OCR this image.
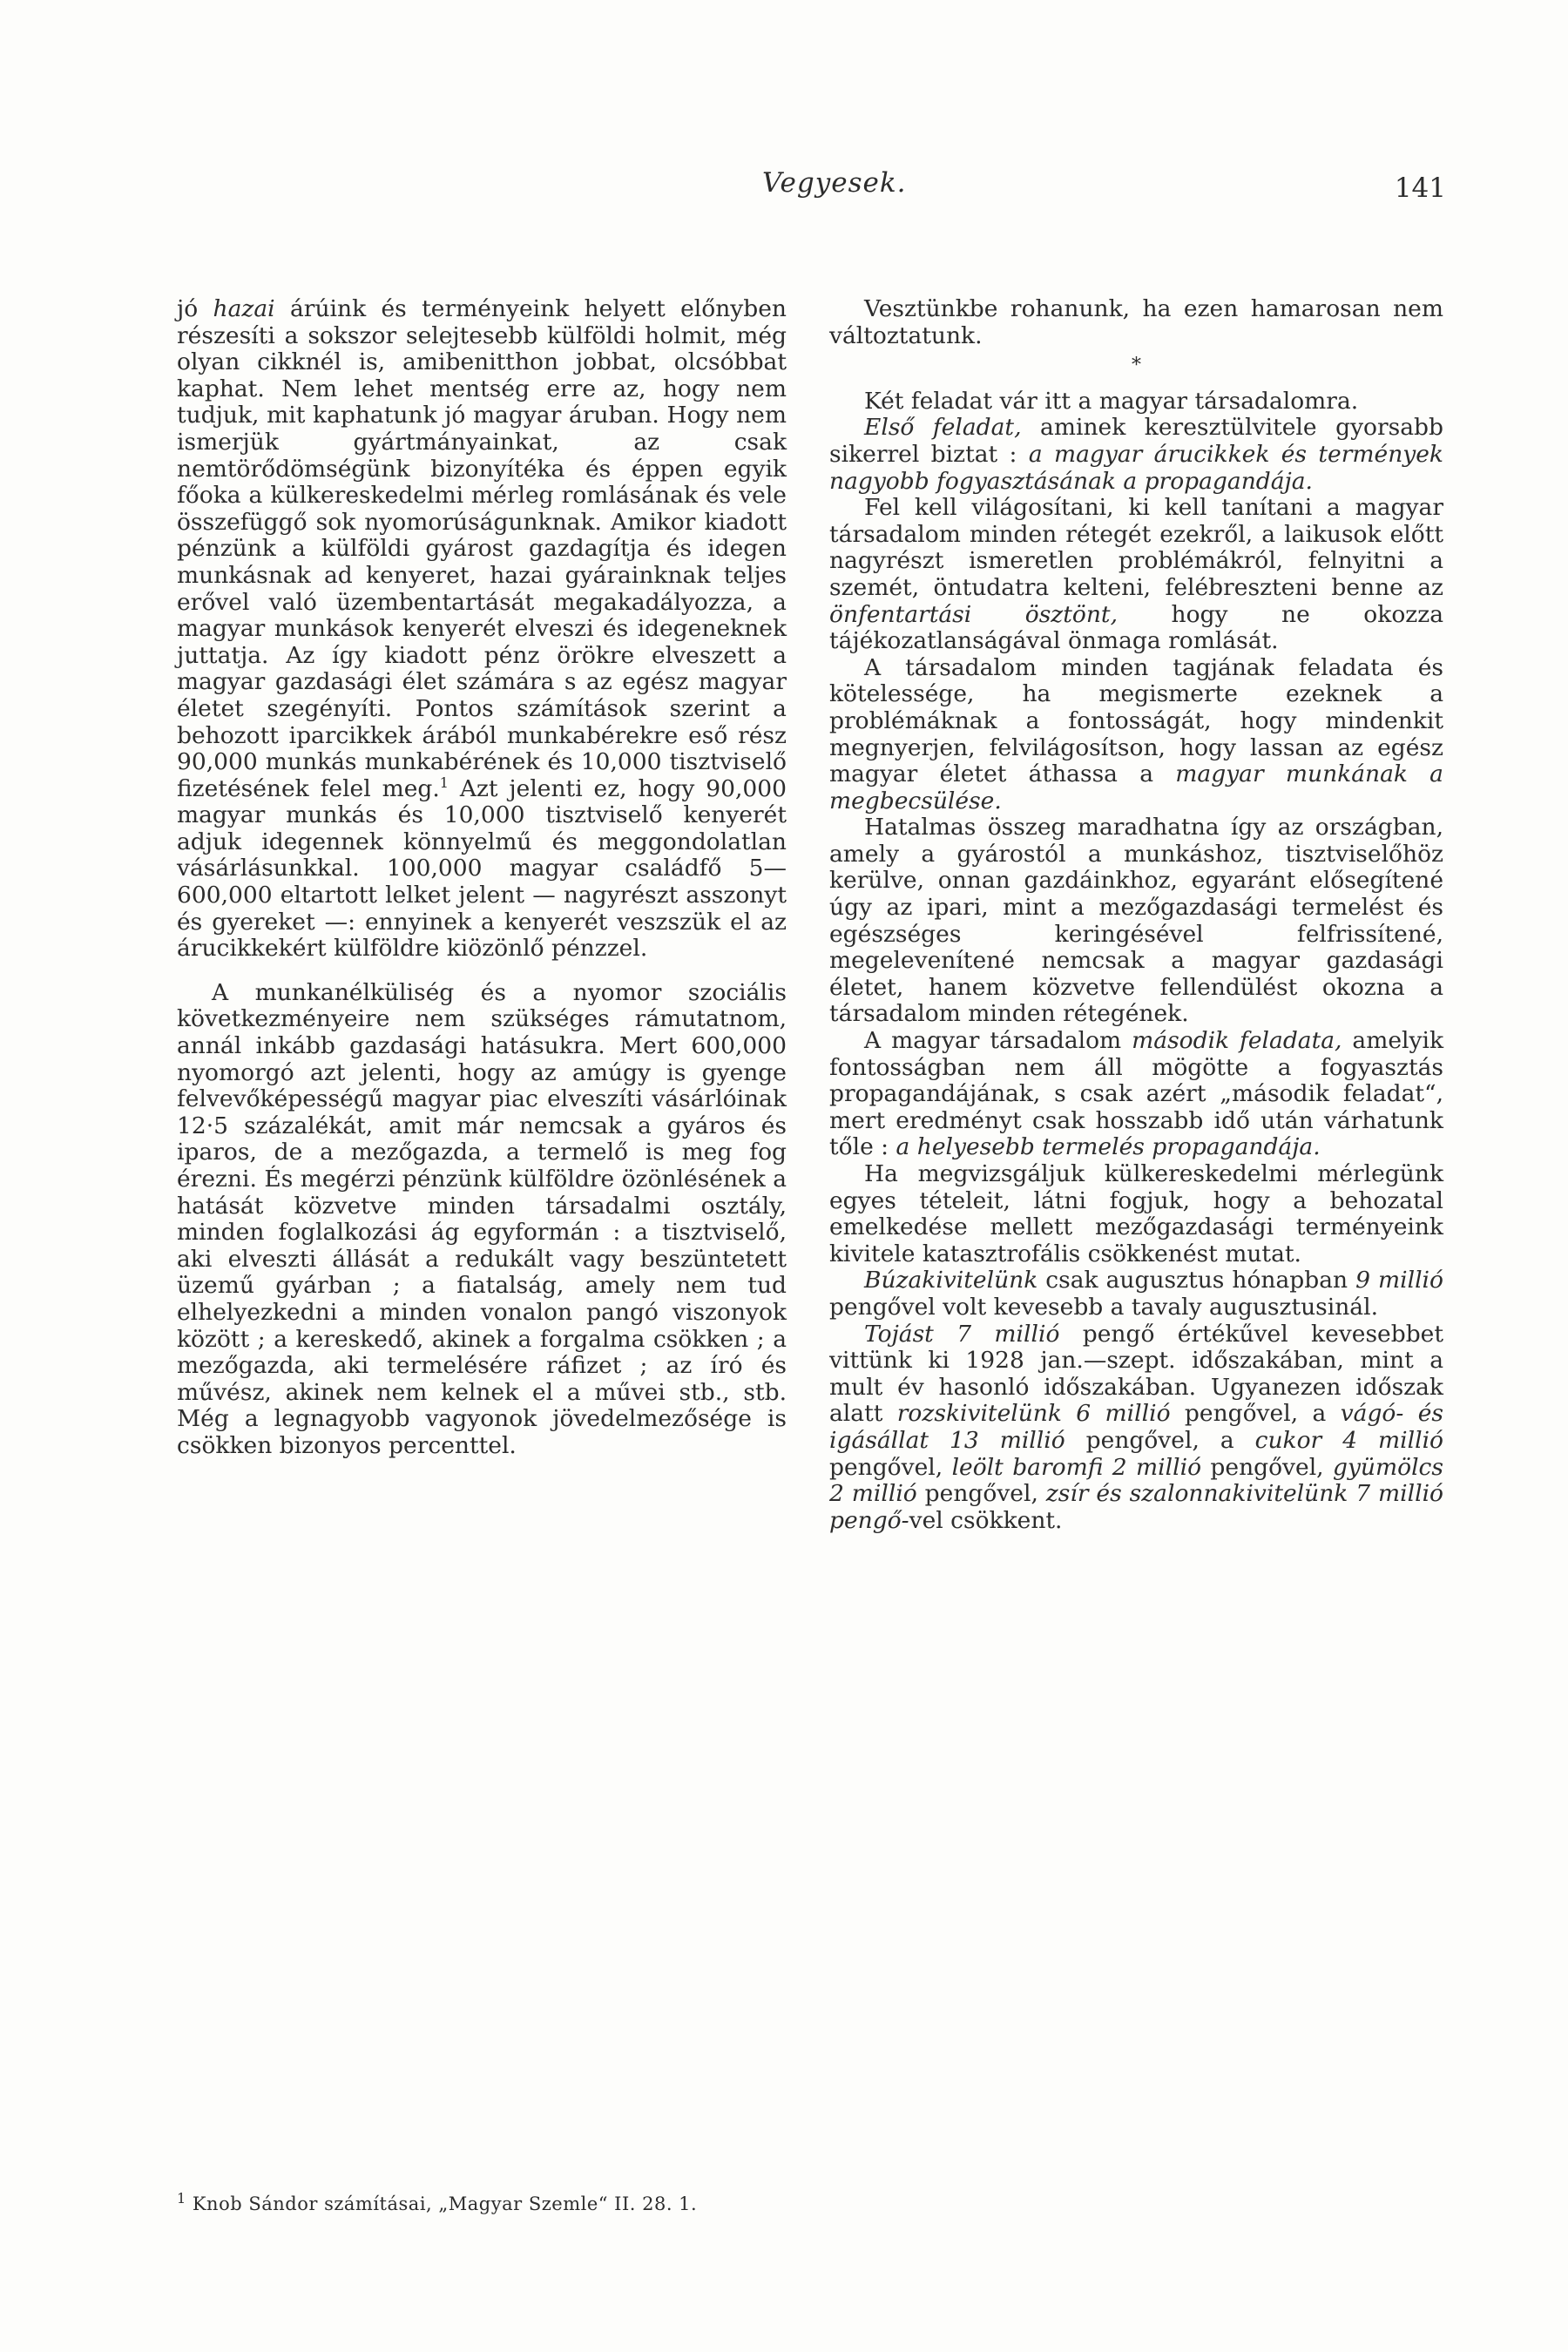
Vegyesek.	141

jó hazai árúink és terményeink helyett előnyben részesíti a sokszor selejtesebb külföldi holmit, még olyan cikknél is, amibenitthon jobbat, olcsóbbat kaphat. Nem lehet mentség erre az, hogy nem tudjuk, mit kaphatunk jó magyar áruban. Hogy nem ismerjük gyártmányainkat, az csak nemtörődömségünk bizonyítéka és éppen egyik főoka a külkereskedelmi mérleg romlásának és vele összefüggő sok nyomorúságunknak. Amikor kiadott pénzünk a külföldi gyárost gazdagítja és idegen munkásnak ad kenyeret, hazai gyárainknak teljes erővel való üzembentartását megakadályozza, a magyar munkások kenyerét elveszi és idegeneknek juttatja. Az így kiadott pénz örökre elveszett a magyar gazdasági élet számára s az egész magyar életet szegényíti. Pontos számítások szerint a behozott iparcikkek árából munkabérekre eső rész 90,000 munkás munkabérének és 10,000 tisztviselő fizetésének felel meg.$^1$ Azt jelenti ez, hogy 90,000 magyar munkás és 10,000 tisztviselő kenyerét adjuk idegennek könnyelmű és meggondolatlan vásárlásunkkal. 100,000 magyar családfő 5—600,000 eltartott lelket jelent — nagyrészt asszonyt és gyereket —: ennyinek a kenyerét veszszük el az árucikkekért külföldre kiözönlő pénzzel.

A munkanélküliség és a nyomor szociális következményeire nem szükséges rámutatnom, annál inkább gazdasági hatásukra. Mert 600,000 nyomorgó azt jelenti, hogy az amúgy is gyenge felvevőképességű magyar piac elveszíti vásárlóinak 12·5 százalékát, amit már nemcsak a gyáros és iparos, de a mezőgazda, a termelő is meg fog érezni. És megérzi pénzünk külföldre özönlésének a hatását közvetve minden társadalmi osztály, minden foglalkozási ág egyformán : a tisztviselő, aki elveszti állását a redukált vagy beszüntetett üzemű gyárban ; a fiatalság, amely nem tud elhelyezkedni a minden vonalon pangó viszonyok között ; a kereskedő, akinek a forgalma csökken ; a mezőgazda, aki termelésére ráfizet ; az író és művész, akinek nem kelnek el a művei stb., stb. Még a legnagyobb vagyonok jövedelmezősége is csökken bizonyos percenttel.

$^1$ Knob Sándor számításai, „Magyar Szemle“ II. 28. 1.

Vesztünkbe rohanunk, ha ezen hamarosan nem változtatunk.

*

Két feladat vár itt a magyar társadalomra.

Első feladat, aminek keresztülvitele gyorsabb sikerrel biztat : a magyar árucikkek és termények nagyobb fogyasztásának a propagandája.

Fel kell világosítani, ki kell tanítani a magyar társadalom minden rétegét ezekről, a laikusok előtt nagyrészt ismeretlen problémákról, felnyitni a szemét, öntudatra kelteni, felébreszteni benne az önfentartási ösztönt, hogy ne okozza tájékozatlanságával önmaga romlását.

A társadalom minden tagjának feladata és kötelessége, ha megismerte ezeknek a problémáknak a fontosságát, hogy mindenkit megnyerjen, felvilágosítson, hogy lassan az egész magyar életet áthassa a magyar munkának a megbecsülése.

Hatalmas összeg maradhatna így az országban, amely a gyárostól a munkáshoz, tisztviselőhöz kerülve, onnan gazdáinkhoz, egyaránt elősegítené úgy az ipari, mint a mezőgazdasági termelést és egészséges keringésével felfrissítené, megelevenítené nemcsak a magyar gazdasági életet, hanem közvetve fellendülést okozna a társadalom minden rétegének.

A magyar társadalom második feladata, amelyik fontosságban nem áll mögötte a fogyasztás propagandájának, s csak azért „második feladat“, mert eredményt csak hosszabb idő után várhatunk tőle : a helyesebb termelés propagandája.

Ha megvizsgáljuk külkereskedelmi mérlegünk egyes tételeit, látni fogjuk, hogy a behozatal emelkedése mellett mezőgazdasági terményeink kivitele katasztrofális csökkenést mutat.

Búzakivitelünk csak augusztus hónapban 9 millió pengővel volt kevesebb a tavaly augusztusinál.

Tojást 7 millió pengő értékűvel kevesebbet vittünk ki 1928 jan.—szept. időszakában, mint a mult év hasonló időszakában. Ugyanezen időszak alatt rozskivitelünk 6 millió pengővel, a vágó- és igásállat 13 millió pengővel, a cukor 4 millió pengővel, leölt baromfi 2 millió pengővel, gyümölcs 2 millió pengővel, zsír és szalonnakivitelünk 7 millió pengő-vel csökkent.
